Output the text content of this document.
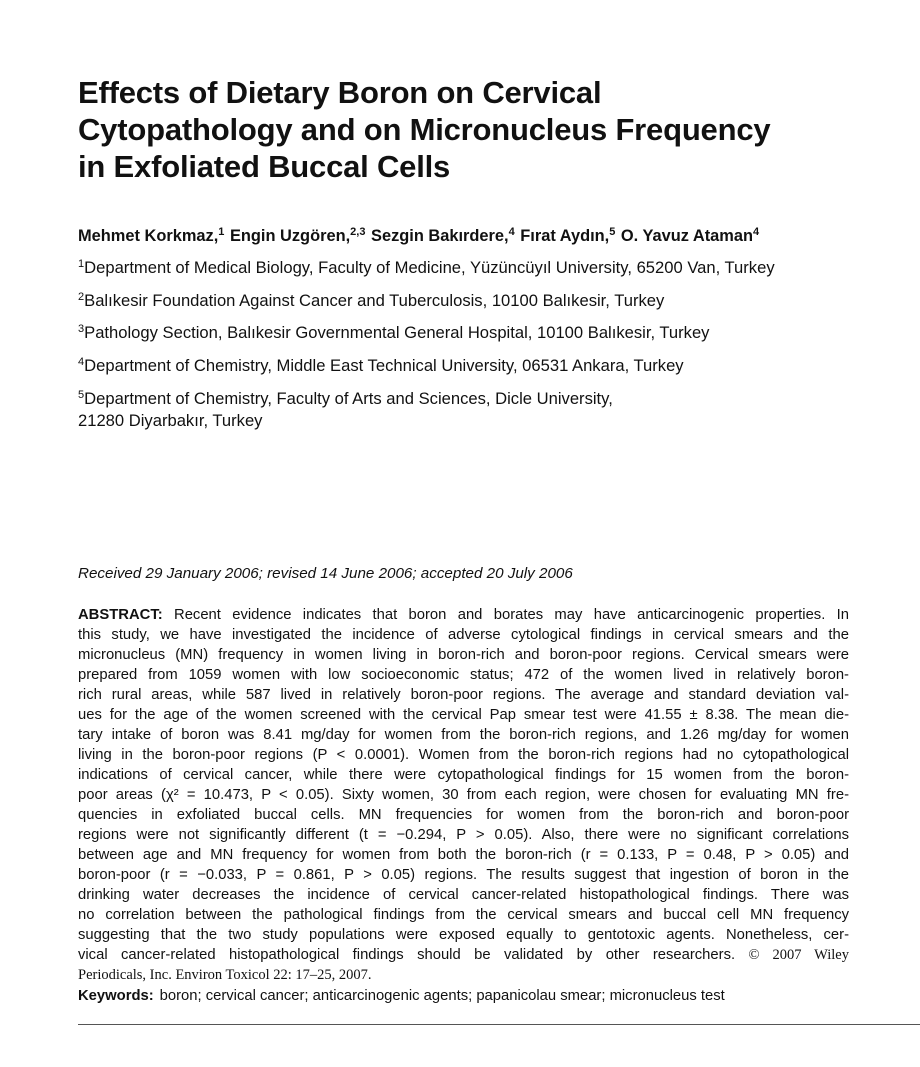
Effects of Dietary Boron on Cervical
Cytopathology and on Micronucleus Frequency
in Exfoliated Buccal Cells

Mehmet Korkmaz,$^1$ Engin Uzgören,$^{2,3}$ Sezgin Bakırdere,$^4$ Fırat Aydın,$^5$ O. Yavuz Ataman$^4$

$^1$Department of Medical Biology, Faculty of Medicine, Yüzüncüyıl University, 65200 Van, Turkey

$^2$Balıkesir Foundation Against Cancer and Tuberculosis, 10100 Balıkesir, Turkey

$^3$Pathology Section, Balıkesir Governmental General Hospital, 10100 Balıkesir, Turkey

$^4$Department of Chemistry, Middle East Technical University, 06531 Ankara, Turkey

$^5$Department of Chemistry, Faculty of Arts and Sciences, Dicle University,
21280 Diyarbakır, Turkey

Received 29 January 2006; revised 14 June 2006; accepted 20 July 2006

ABSTRACT: Recent evidence indicates that boron and borates may have anticarcinogenic properties. In
this study, we have investigated the incidence of adverse cytological findings in cervical smears and the
micronucleus (MN) frequency in women living in boron-rich and boron-poor regions. Cervical smears were
prepared from 1059 women with low socioeconomic status; 472 of the women lived in relatively boron-
rich rural areas, while 587 lived in relatively boron-poor regions. The average and standard deviation val-
ues for the age of the women screened with the cervical Pap smear test were 41.55 ± 8.38. The mean die-
tary intake of boron was 8.41 mg/day for women from the boron-rich regions, and 1.26 mg/day for women
living in the boron-poor regions (P < 0.0001). Women from the boron-rich regions had no cytopathological
indications of cervical cancer, while there were cytopathological findings for 15 women from the boron-
poor areas (χ² = 10.473, P < 0.05). Sixty women, 30 from each region, were chosen for evaluating MN fre-
quencies in exfoliated buccal cells. MN frequencies for women from the boron-rich and boron-poor
regions were not significantly different (t = −0.294, P > 0.05). Also, there were no significant correlations
between age and MN frequency for women from both the boron-rich (r = 0.133, P = 0.48, P > 0.05) and
boron-poor (r = −0.033, P = 0.861, P > 0.05) regions. The results suggest that ingestion of boron in the
drinking water decreases the incidence of cervical cancer-related histopathological findings. There was
no correlation between the pathological findings from the cervical smears and buccal cell MN frequency
suggesting that the two study populations were exposed equally to gentotoxic agents. Nonetheless, cer-
vical cancer-related histopathological findings should be validated by other researchers. © 2007 Wiley
Periodicals, Inc. Environ Toxicol 22: 17–25, 2007.

Keywords: boron; cervical cancer; anticarcinogenic agents; papanicolau smear; micronucleus test
